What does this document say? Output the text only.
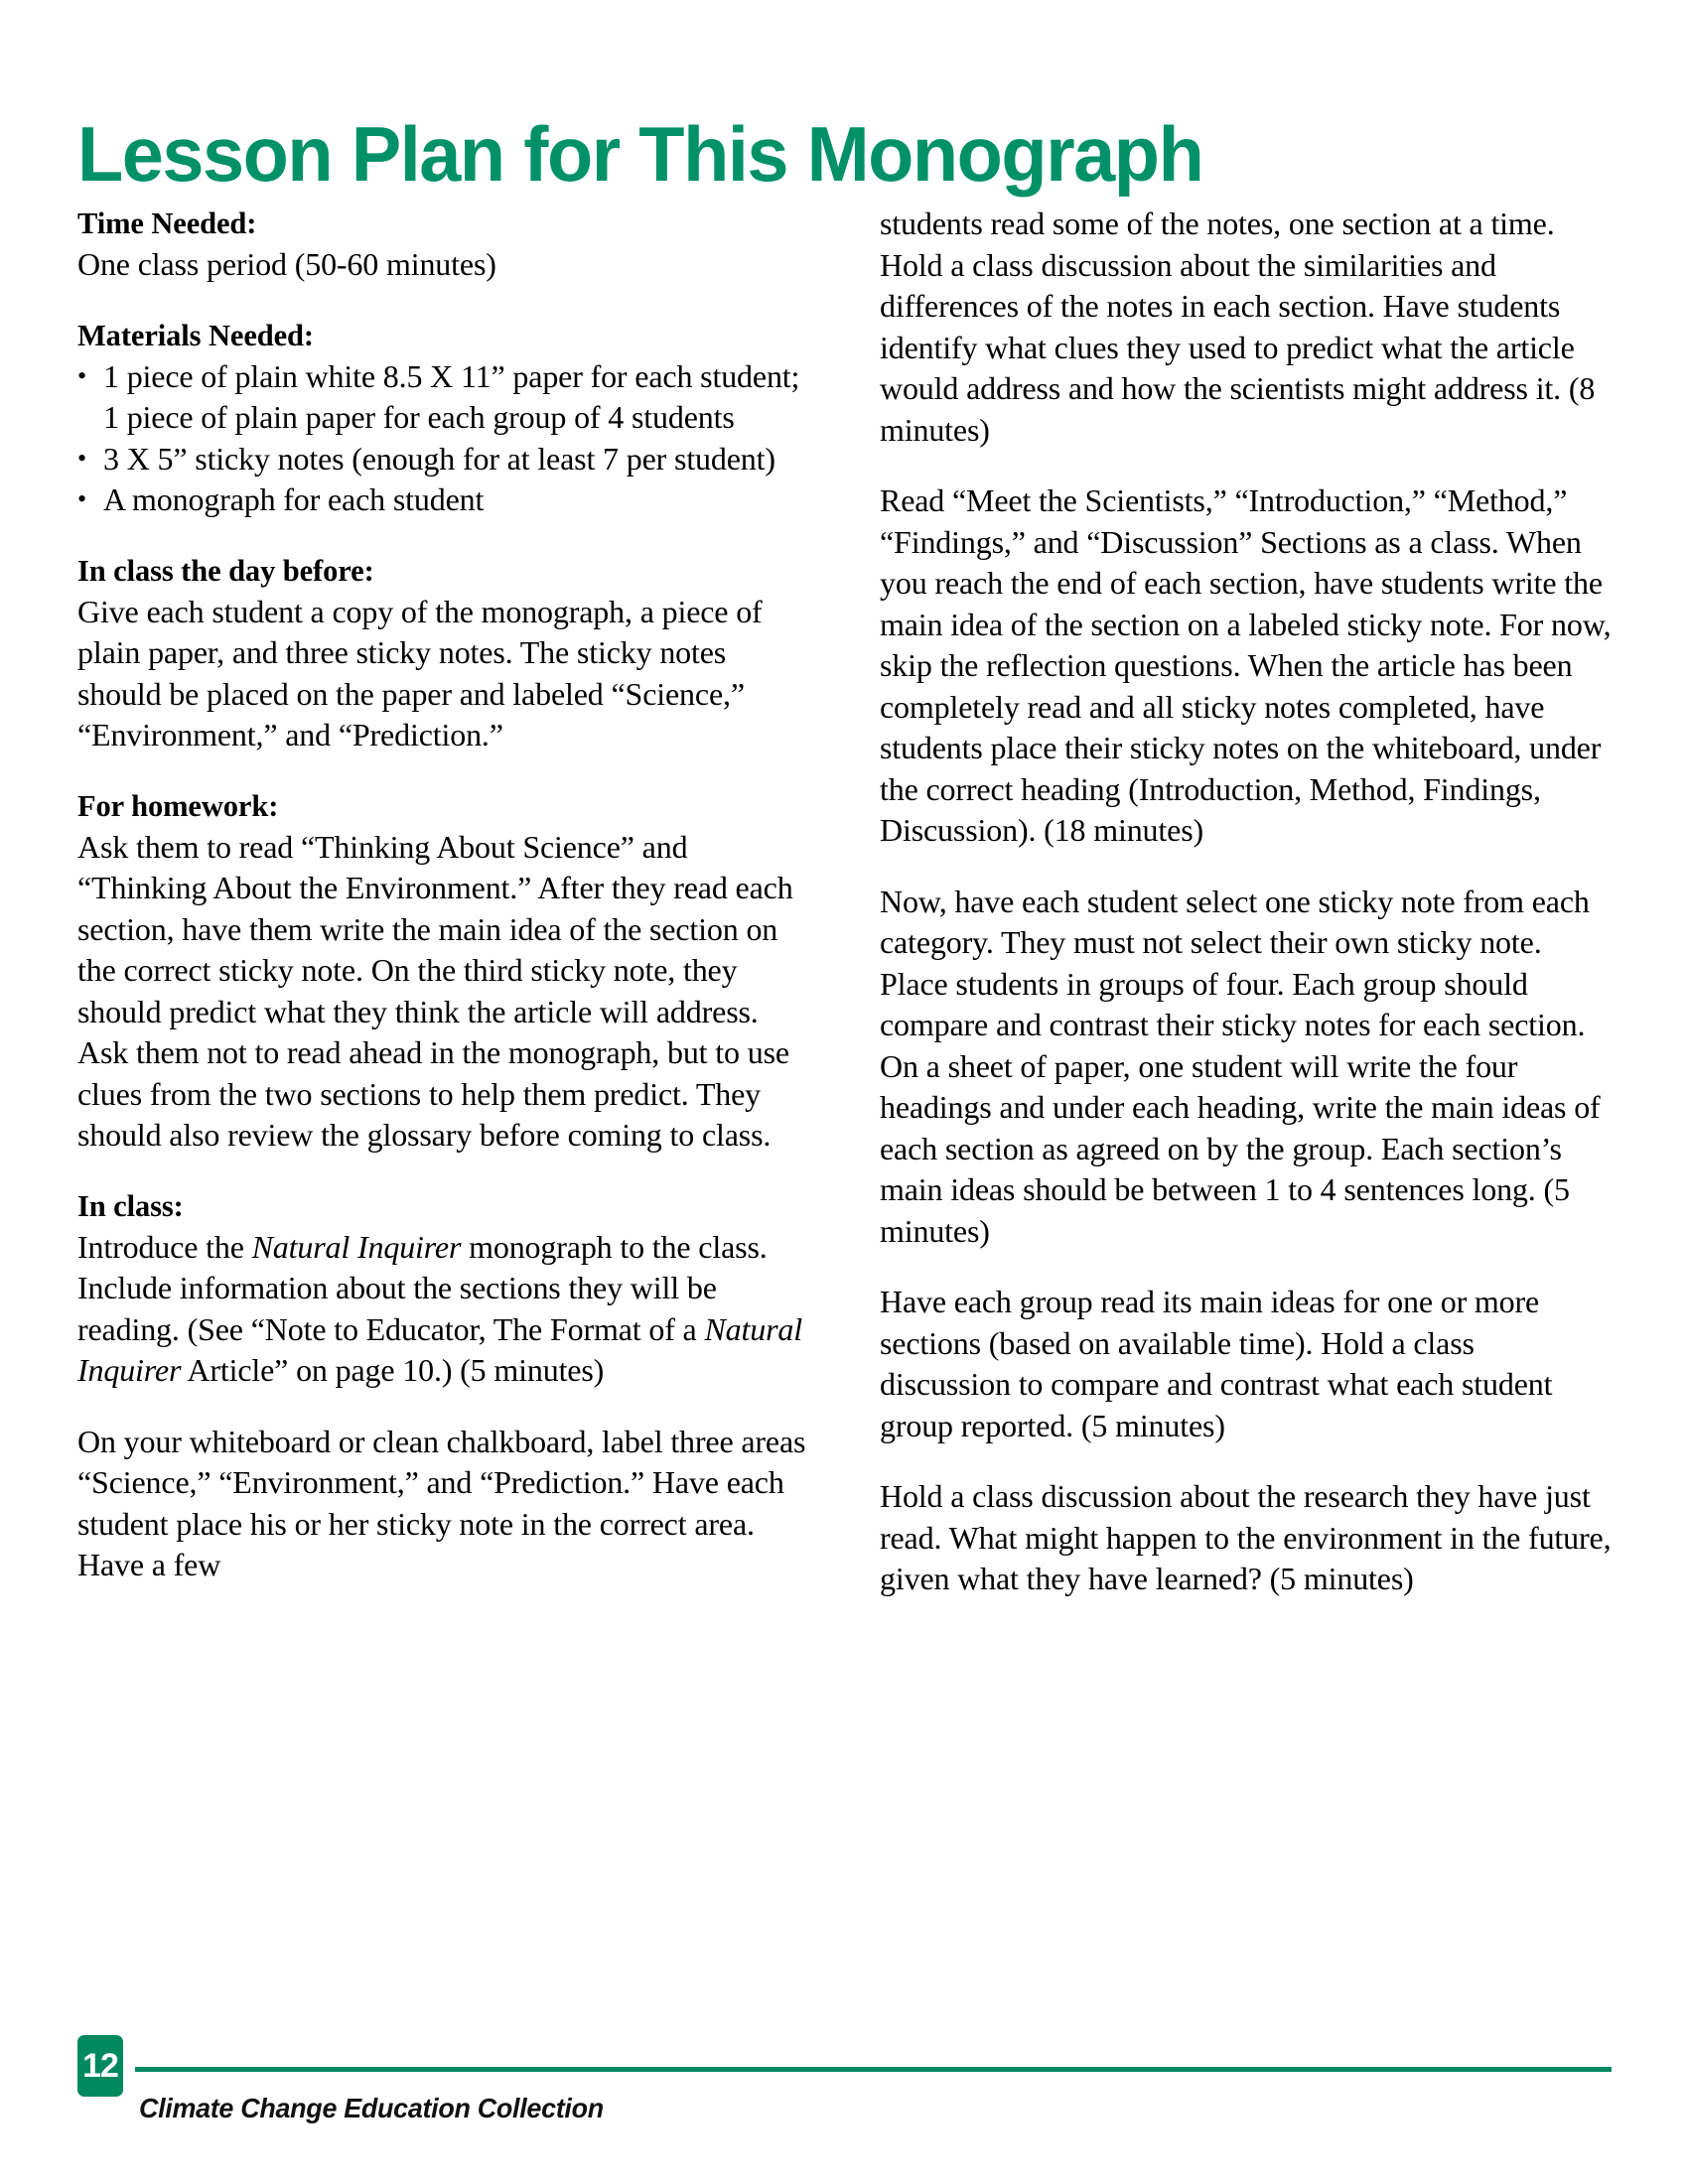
Lesson Plan for This Monograph
Time Needed:

One class period (50-60 minutes)

Materials Needed:
• 1 piece of plain white 8.5 X 11” paper for each student; 1 piece of plain paper for each group of 4 students
• 3 X 5” sticky notes (enough for at least 7 per student)
• A monograph for each student
In class the day before:

Give each student a copy of the monograph, a piece of plain paper, and three sticky notes. The sticky notes should be placed on the paper and labeled “Science,” “Environment,” and “Prediction.”

For homework:

Ask them to read “Thinking About Science” and “Thinking About the Environment.” After they read each section, have them write the main idea of the section on the correct sticky note. On the third sticky note, they should predict what they think the article will address. Ask them not to read ahead in the monograph, but to use clues from the two sections to help them predict. They should also review the glossary before coming to class.

In class:

Introduce the Natural Inquirer monograph to the class. Include information about the sections they will be reading. (See “Note to Educator, The Format of a Natural Inquirer Article” on page 10.) (5 minutes)

On your whiteboard or clean chalkboard, label three areas “Science,” “Environment,” and “Prediction.” Have each student place his or her sticky note in the correct area. Have a few

students read some of the notes, one section at a time. Hold a class discussion about the similarities and differences of the notes in each section. Have students identify what clues they used to predict what the article would address and how the scientists might address it. (8 minutes)

Read “Meet the Scientists,” “Introduction,” “Method,” “Findings,” and “Discussion” Sections as a class. When you reach the end of each section, have students write the main idea of the section on a labeled sticky note. For now, skip the reflection questions. When the article has been completely read and all sticky notes completed, have students place their sticky notes on the whiteboard, under the correct heading (Introduction, Method, Findings, Discussion). (18 minutes)

Now, have each student select one sticky note from each category. They must not select their own sticky note. Place students in groups of four. Each group should compare and contrast their sticky notes for each section. On a sheet of paper, one student will write the four headings and under each heading, write the main ideas of each section as agreed on by the group. Each section’s main ideas should be between 1 to 4 sentences long. (5 minutes)

Have each group read its main ideas for one or more sections (based on available time). Hold a class discussion to compare and contrast what each student group reported. (5 minutes)

Hold a class discussion about the research they have just read. What might happen to the environment in the future, given what they have learned? (5 minutes)

12
Climate Change Education Collection
